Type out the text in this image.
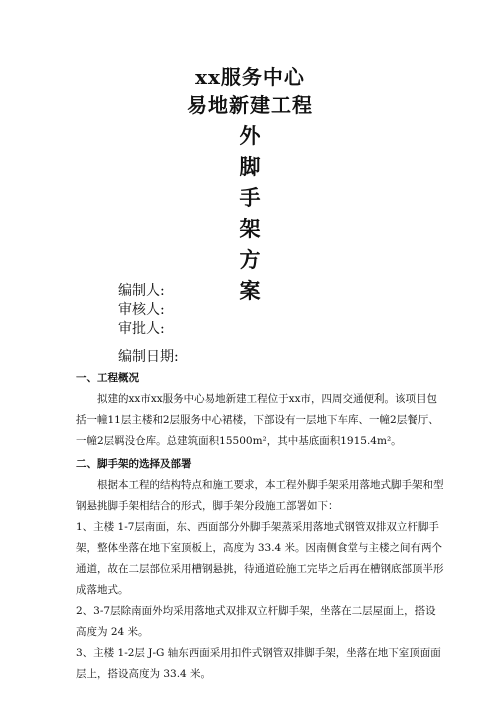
xx服务中心
易地新建工程
外
脚
手
架
方
案
编制人:
审核人:
审批人:
编制日期:

一、工程概况

拟建的xx市xx服务中心易地新建工程位于xx市，四周交通便利。该项目包括一幢11层主楼和2层服务中心裙楼，下部设有一层地下车库、一幢2层餐厅、一幢2层羁没仓库。总建筑面积15500m²，其中基底面积1915.4m²。

二、脚手架的选择及部署

根据本工程的结构特点和施工要求，本工程外脚手架采用落地式脚手架和型钢悬挑脚手架相结合的形式，脚手架分段施工部署如下：

1、主楼 1-7层南面，东、西面部分外脚手架蒸采用落地式钢管双排双立杆脚手架，整体坐落在地下室顶板上，高度为 33.4 米。因南侧食堂与主楼之间有两个通道，故在二层部位采用槽钢悬挑，待通道砼施工完毕之后再在槽钢底部顶半形成落地式。

2、3-7层除南面外均采用落地式双排双立杆脚手架，坐落在二层屋面上，搭设高度为 24 米。

3、主楼 1-2层 J-G 轴东西面采用扣件式钢管双排脚手架，坐落在地下室顶面面层上，搭设高度为 33.4 米。
